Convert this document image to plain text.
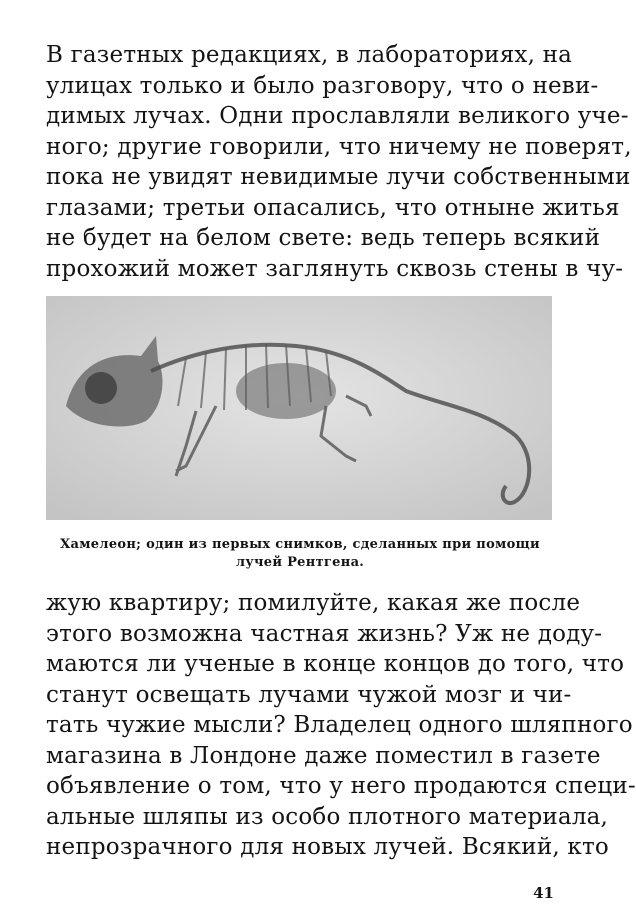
В газетных редакциях, в лабораториях, на
улицах только и было разговору, что о неви-
димых лучах. Одни прославляли великого уче-
ного; другие говорили, что ничему не поверят,
пока не увидят невидимые лучи собственными
глазами; третьи опасались, что отныне житья
не будет на белом свете: ведь теперь всякий
прохожий может заглянуть сквозь стены в чу-
Хамелеон; один из первых снимков, сделанных при помощи
лучей Рентгена.
жую квартиру; помилуйте, какая же после
этого возможна частная жизнь? Уж не доду-
маются ли ученые в конце концов до того, что
станут освещать лучами чужой мозг и чи-
тать чужие мысли? Владелец одного шляпного
магазина в Лондоне даже поместил в газете
объявление о том, что у него продаются специ-
альные шляпы из особо плотного материала,
непрозрачного для новых лучей. Всякий, кто
41
